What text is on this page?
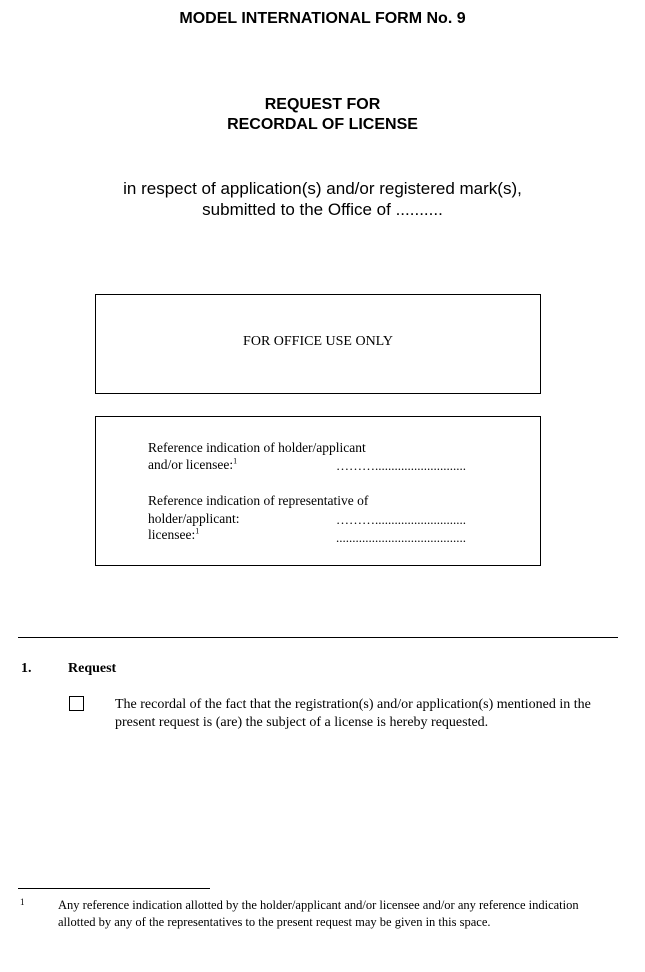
MODEL INTERNATIONAL FORM No. 9
REQUEST FOR
RECORDAL OF LICENSE
in respect of application(s) and/or registered mark(s),
submitted to the Office of ..........
FOR OFFICE USE ONLY
Reference indication of holder/applicant
and/or licensee:$^1$	………............................
Reference indication of representative of
holder/applicant:	………............................
licensee:$^1$	........................................
1.	Request
The recordal of the fact that the registration(s) and/or application(s) mentioned in the present request is (are) the subject of a license is hereby requested.
1	Any reference indication allotted by the holder/applicant and/or licensee and/or any reference indication allotted by any of the representatives to the present request may be given in this space.
